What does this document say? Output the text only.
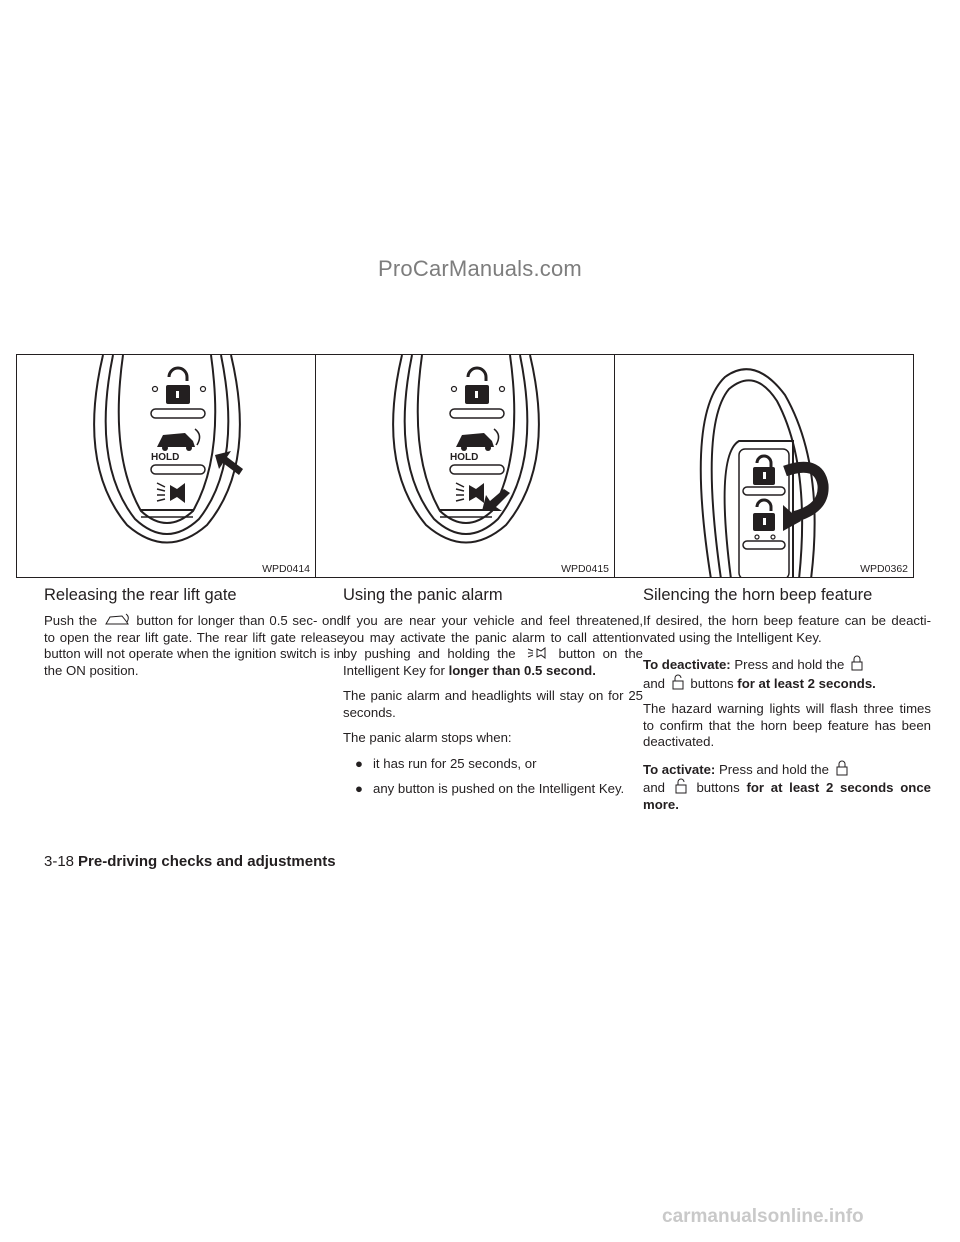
ProCarManuals.com
HOLD
WPD0414
HOLD
WPD0415	WPD0362
Releasing the rear lift gate

Push the	button for longer than 0.5 sec- ond to open the rear lift gate. The rear lift gate release button will not operate when the ignition switch is in the ON position.

Using the panic alarm

If you are near your vehicle and feel threatened, you may activate the panic alarm to call attention by pushing and holding the	button on the Intelligent Key for longer than 0.5 second.

The panic alarm and headlights will stay on for 25 seconds.

The panic alarm stops when:

● it has run for 25 seconds, or
● any button is pushed on the Intelligent Key.
Silencing the horn beep feature

If desired, the horn beep feature can be deacti- vated using the Intelligent Key.

To deactivate: Press and hold the
and buttons for at least 2 seconds.

The hazard warning lights will flash three times to confirm that the horn beep feature has been deactivated.

To activate: Press and hold the
and buttons for at least 2 seconds once more.

3-18 Pre-driving checks and adjustments
carmanualsonline.info
